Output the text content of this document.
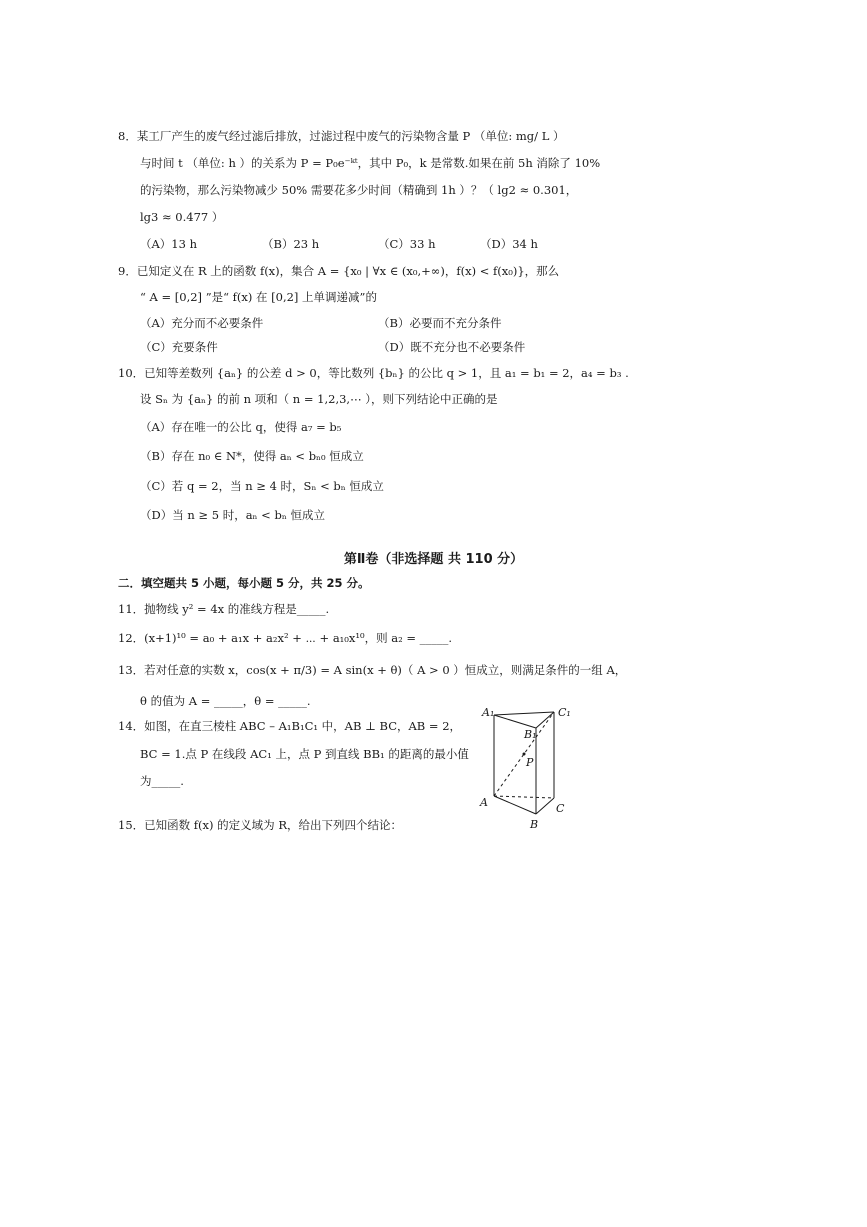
8．某工厂产生的废气经过滤后排放，过滤过程中废气的污染物含量 P （单位: mg/ L ）
与时间 t （单位: h ）的关系为 P = P₀e⁻ᵏᵗ，其中 P₀，k 是常数.如果在前 5h 消除了 10%
的污染物，那么污染物减少 50% 需要花多少时间（精确到 1h ）？（ lg2 ≈ 0.301，
lg3 ≈ 0.477 ）
（A）13 h	（B）23 h	（C）33 h	（D）34 h
9．已知定义在 R 上的函数 f(x)，集合 A = {x₀ | ∀x ∈ (x₀,+∞)，f(x) < f(x₀)}，那么
“ A = [0,2] ”是“ f(x) 在 [0,2] 上单调递减”的
（A）充分而不必要条件	（B）必要而不充分条件
（C）充要条件	（D）既不充分也不必要条件
10．已知等差数列 {aₙ} 的公差 d > 0，等比数列 {bₙ} 的公比 q > 1，且 a₁ = b₁ = 2，a₄ = b₃ .
设 Sₙ 为 {aₙ} 的前 n 项和（ n = 1,2,3,⋯ ），则下列结论中正确的是
（A）存在唯一的公比 q，使得 a₇ = b₅
（B）存在 n₀ ∈ N*，使得 aₙ < bₙ₀ 恒成立
（C）若 q = 2，当 n ≥ 4 时，Sₙ < bₙ 恒成立
（D）当 n ≥ 5 时，aₙ < bₙ 恒成立
第Ⅱ卷（非选择题 共 110 分）
二．填空题共 5 小题，每小题 5 分，共 25 分。
11．抛物线 y² = 4x 的准线方程是_____.
12．(x+1)¹⁰ = a₀ + a₁x + a₂x² + ⋯ + a₁₀x¹⁰，则 a₂ = _____.
13．若对任意的实数 x，cos(x + π/3) = A sin(x + θ)（ A > 0 ）恒成立，则满足条件的一组 A，
θ 的值为 A = _____，θ = _____.
14．如图，在直三棱柱 ABC – A₁B₁C₁ 中，AB ⊥ BC，AB = 2，
BC = 1.点 P 在线段 AC₁ 上，点 P 到直线 BB₁ 的距离的最小值
为_____.
15．已知函数 f(x) 的定义域为 R，给出下列四个结论：
A₁	C₁
B₁
P
A	C
B
